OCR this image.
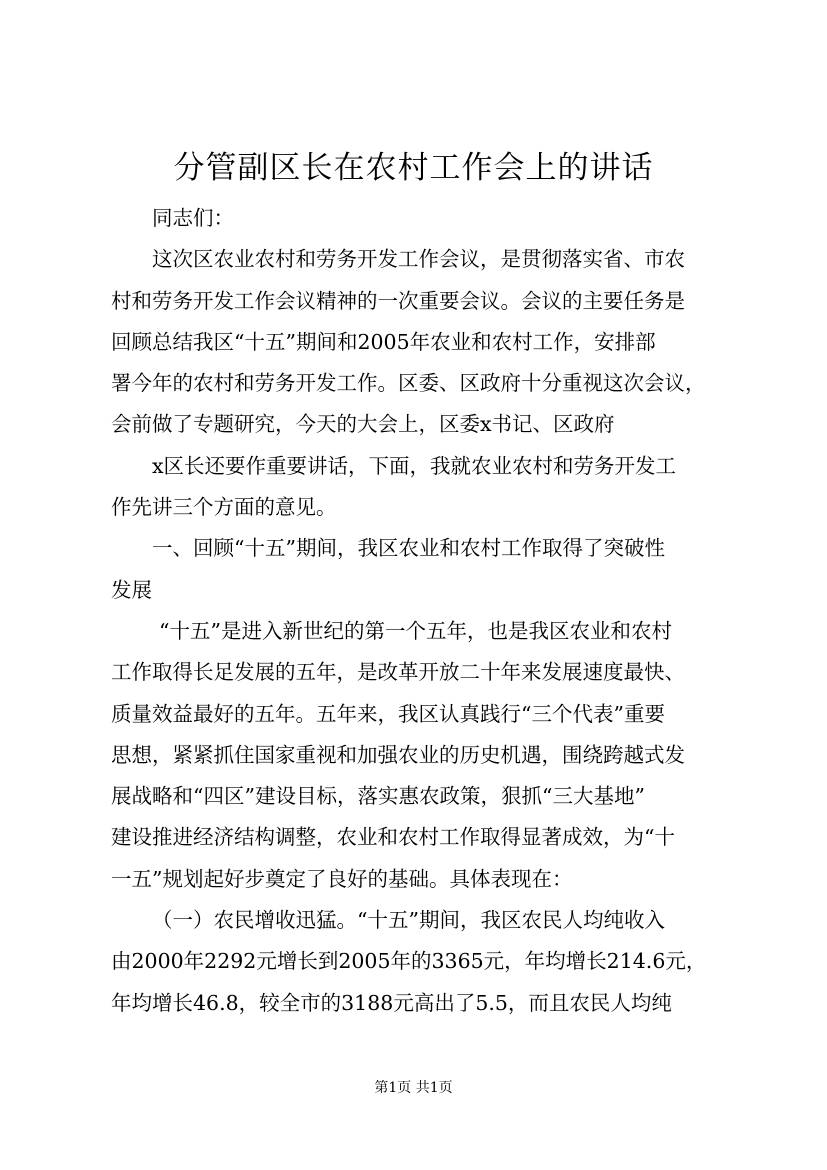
分管副区长在农村工作会上的讲话
同志们：
这次区农业农村和劳务开发工作会议，是贯彻落实省、市农
村和劳务开发工作会议精神的一次重要会议。会议的主要任务是
回顾总结我区“十五”期间和2005年农业和农村工作，安排部
署今年的农村和劳务开发工作。区委、区政府十分重视这次会议，
会前做了专题研究，今天的大会上，区委x书记、区政府
x区长还要作重要讲话，下面，我就农业农村和劳务开发工
作先讲三个方面的意见。
一、回顾“十五”期间，我区农业和农村工作取得了突破性
发展
“十五”是进入新世纪的第一个五年，也是我区农业和农村
工作取得长足发展的五年，是改革开放二十年来发展速度最快、
质量效益最好的五年。五年来，我区认真践行“三个代表”重要
思想，紧紧抓住国家重视和加强农业的历史机遇，围绕跨越式发
展战略和“四区”建设目标，落实惠农政策，狠抓“三大基地”
建设推进经济结构调整，农业和农村工作取得显著成效，为“十
一五”规划起好步奠定了良好的基础。具体表现在：
（一）农民增收迅猛。“十五”期间，我区农民人均纯收入
由2000年2292元增长到2005年的3365元，年均增长214.6元，
年均增长46.8，较全市的3188元高出了5.5，而且农民人均纯
第1页 共1页
